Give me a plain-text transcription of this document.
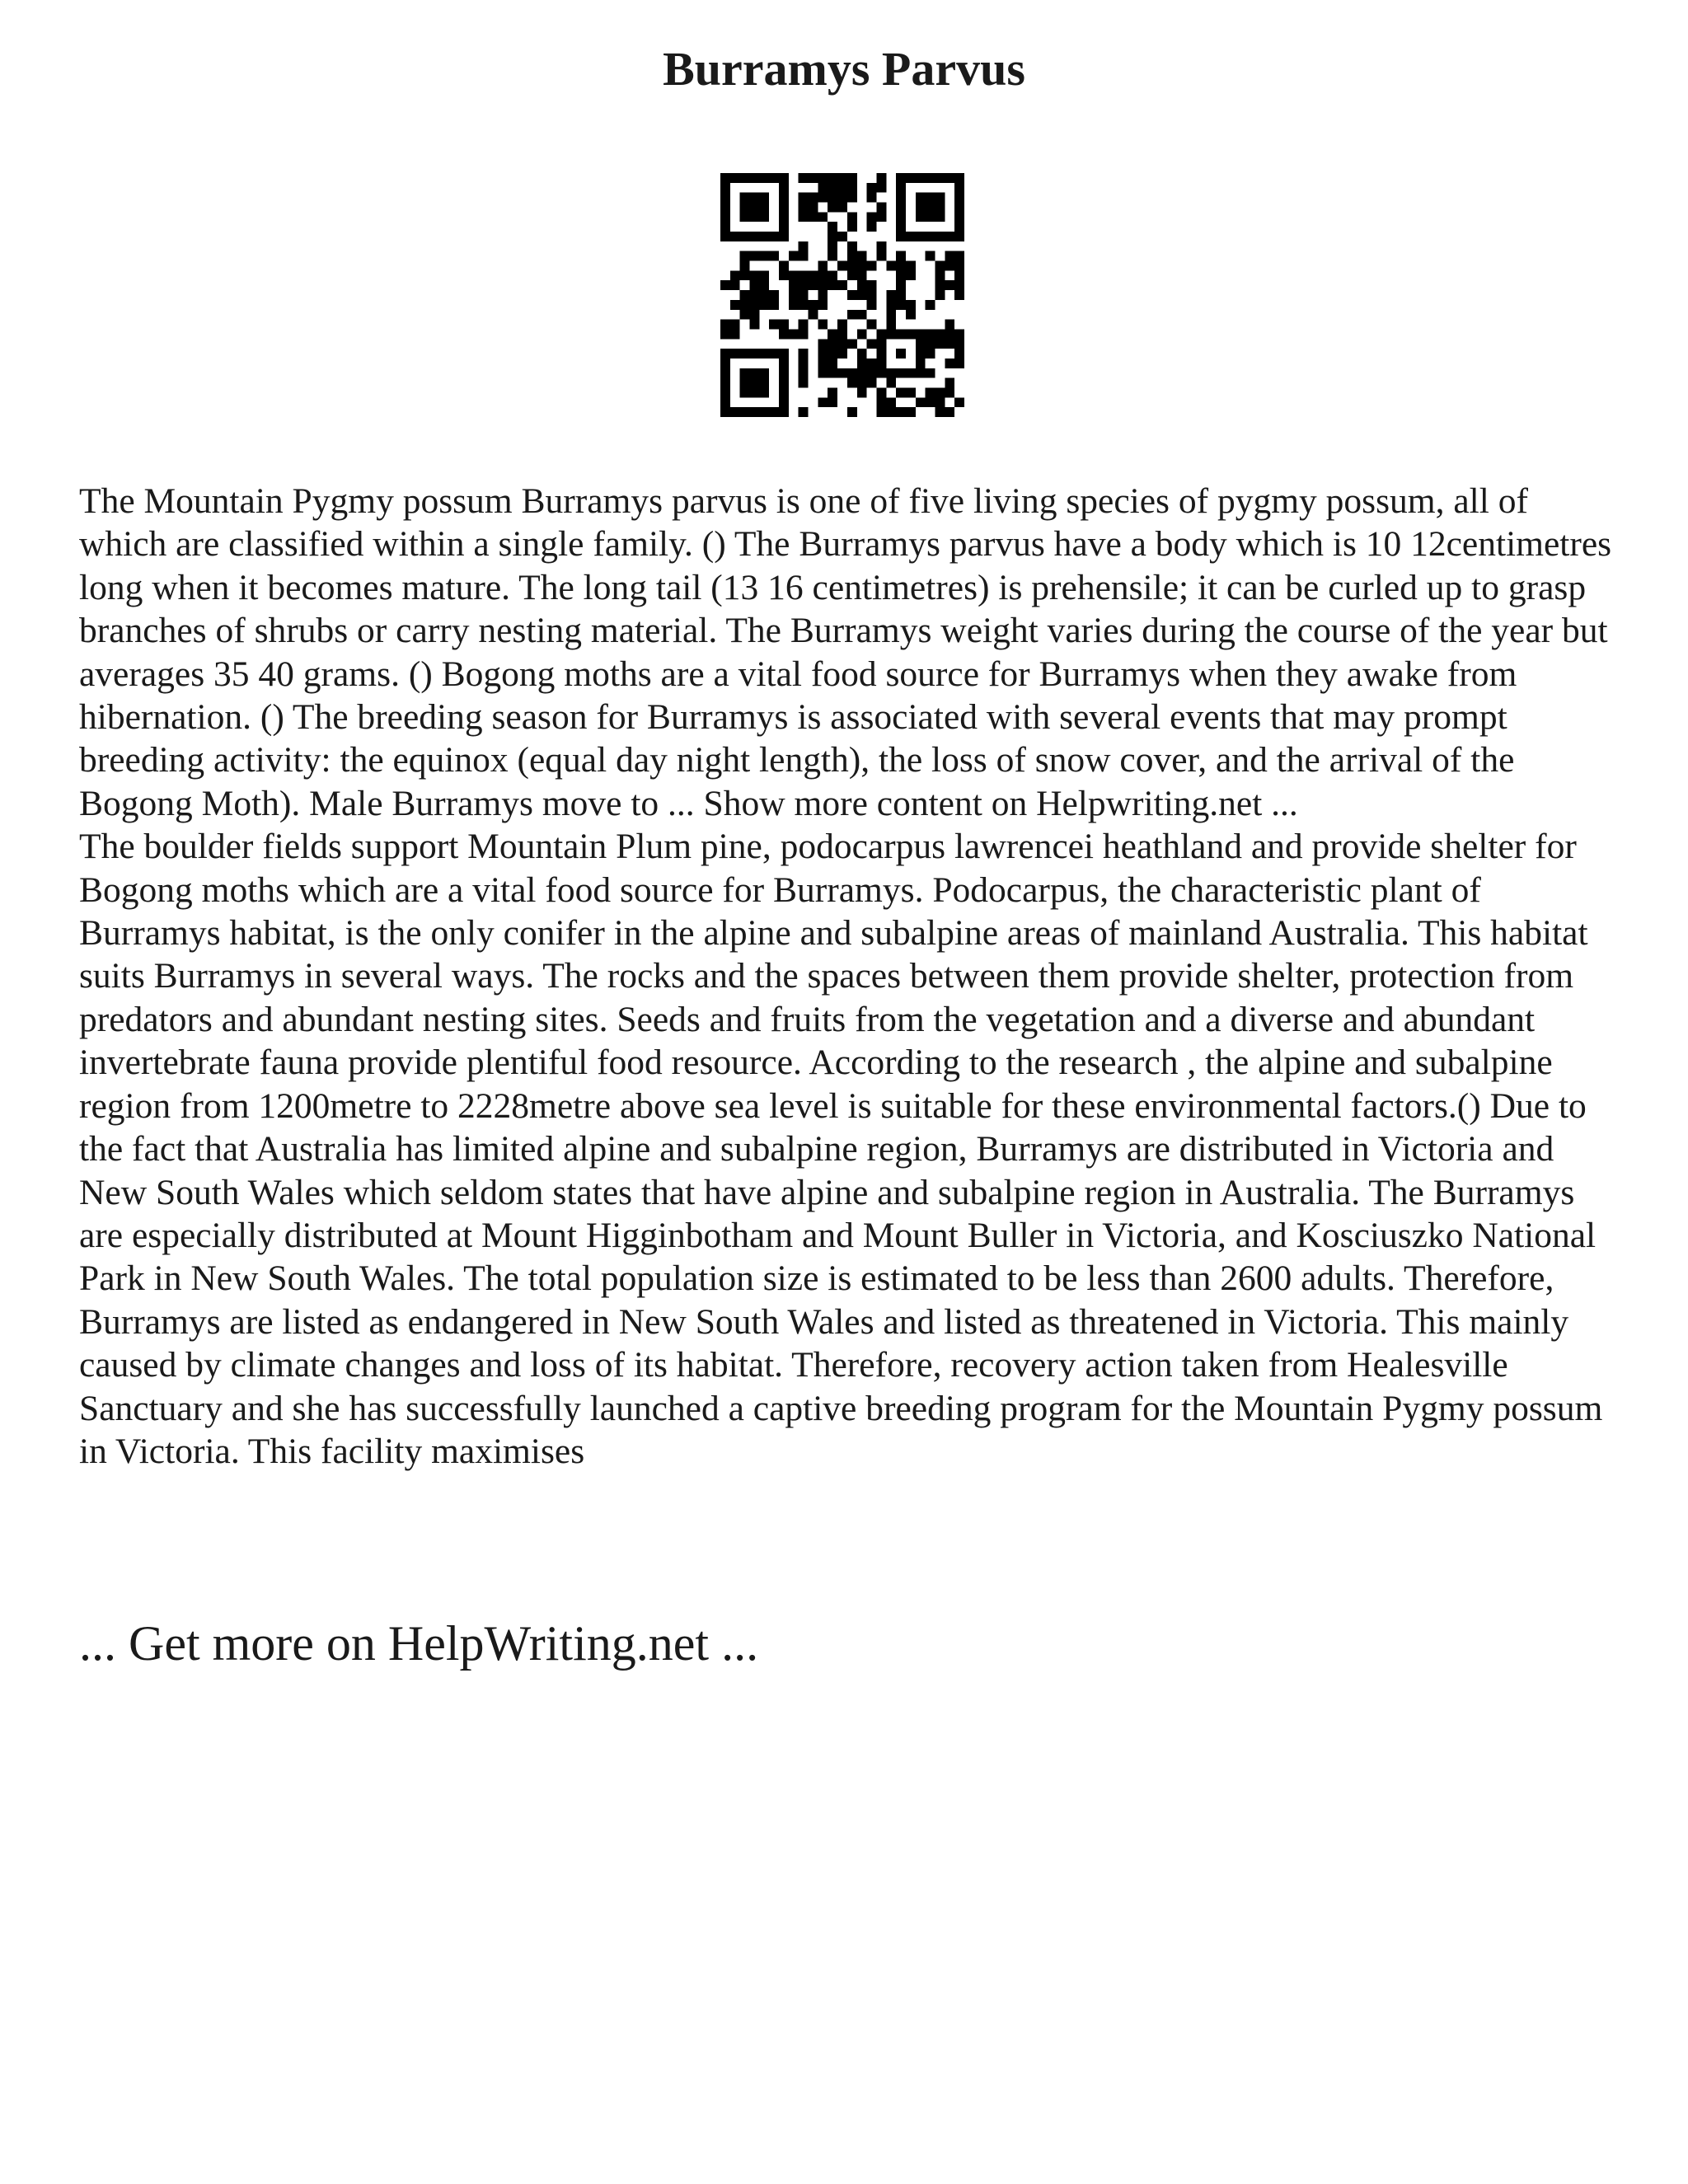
Burramys Parvus

The Mountain Pygmy possum Burramys parvus is one of five living species of pygmy possum, all of which are classified within a single family. () The Burramys parvus have a body which is 10 12centimetres long when it becomes mature. The long tail (13 16 centimetres) is prehensile; it can be curled up to grasp branches of shrubs or carry nesting material. The Burramys weight varies during the course of the year but averages 35 40 grams. () Bogong moths are a vital food source for Burramys when they awake from hibernation. () The breeding season for Burramys is associated with several events that may prompt breeding activity: the equinox (equal day night length), the loss of snow cover, and the arrival of the Bogong Moth). Male Burramys move to ... Show more content on Helpwriting.net ...

The boulder fields support Mountain Plum pine, podocarpus lawrencei heathland and provide shelter for Bogong moths which are a vital food source for Burramys. Podocarpus, the characteristic plant of Burramys habitat, is the only conifer in the alpine and subalpine areas of mainland Australia. This habitat suits Burramys in several ways. The rocks and the spaces between them provide shelter, protection from predators and abundant nesting sites. Seeds and fruits from the vegetation and a diverse and abundant invertebrate fauna provide plentiful food resource. According to the research , the alpine and subalpine region from 1200metre to 2228metre above sea level is suitable for these environmental factors.() Due to the fact that Australia has limited alpine and subalpine region, Burramys are distributed in Victoria and New South Wales which seldom states that have alpine and subalpine region in Australia. The Burramys are especially distributed at Mount Higginbotham and Mount Buller in Victoria, and Kosciuszko National Park in New South Wales. The total population size is estimated to be less than 2600 adults. Therefore, Burramys are listed as endangered in New South Wales and listed as threatened in Victoria. This mainly caused by climate changes and loss of its habitat. Therefore, recovery action taken from Healesville Sanctuary and she has successfully launched a captive breeding program for the Mountain Pygmy possum in Victoria. This facility maximises

... Get more on HelpWriting.net ...
